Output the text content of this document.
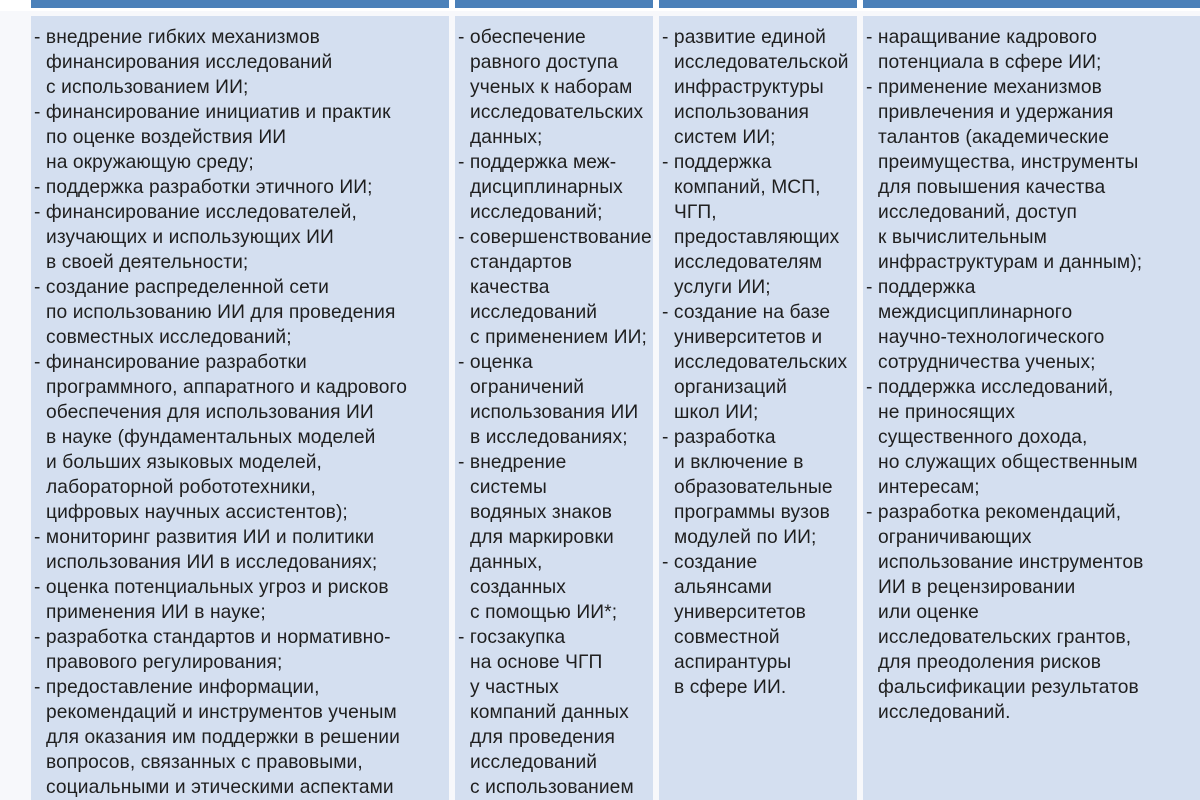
- внедрение гибких механизмов
финансирования исследований
с использованием ИИ;
- финансирование инициатив и практик
по оценке воздействия ИИ
на окружающую среду;
- поддержка разработки этичного ИИ;
- финансирование исследователей,
изучающих и использующих ИИ
в своей деятельности;
- создание распределенной сети
по использованию ИИ для проведения
совместных исследований;
- финансирование разработки
программного, аппаратного и кадрового
обеспечения для использования ИИ
в науке (фундаментальных моделей
и больших языковых моделей,
лабораторной робототехники,
цифровых научных ассистентов);
- мониторинг развития ИИ и политики
использования ИИ в исследованиях;
- оценка потенциальных угроз и рисков
применения ИИ в науке;
- разработка стандартов и нормативно-
правового регулирования;
- предоставление информации,
рекомендаций и инструментов ученым
для оказания им поддержки в решении
вопросов, связанных с правовыми,
социальными и этическими аспектами
- обеспечение
равного доступа
ученых к наборам
исследовательских
данных;
- поддержка меж-
дисциплинарных
исследований;
- совершенствование
стандартов
качества
исследований
с применением ИИ;
- оценка
ограничений
использования ИИ
в исследованиях;
- внедрение
системы
водяных знаков
для маркировки
данных,
созданных
с помощью ИИ*;
- госзакупка
на основе ЧГП
у частных
компаний данных
для проведения
исследований
с использованием
- развитие единой
исследовательской
инфраструктуры
использования
систем ИИ;
- поддержка
компаний, МСП,
ЧГП,
предоставляющих
исследователям
услуги ИИ;
- создание на базе
университетов и
исследовательских
организаций
школ ИИ;
- разработка
и включение в
образовательные
программы вузов
модулей по ИИ;
- создание
альянсами
университетов
совместной
аспирантуры
в сфере ИИ.
- наращивание кадрового
потенциала в сфере ИИ;
- применение механизмов
привлечения и удержания
талантов (академические
преимущества, инструменты
для повышения качества
исследований, доступ
к вычислительным
инфраструктурам и данным);
- поддержка
междисциплинарного
научно-технологического
сотрудничества ученых;
- поддержка исследований,
не приносящих
существенного дохода,
но служащих общественным
интересам;
- разработка рекомендаций,
ограничивающих
использование инструментов
ИИ в рецензировании
или оценке
исследовательских грантов,
для преодоления рисков
фальсификации результатов
исследований.
